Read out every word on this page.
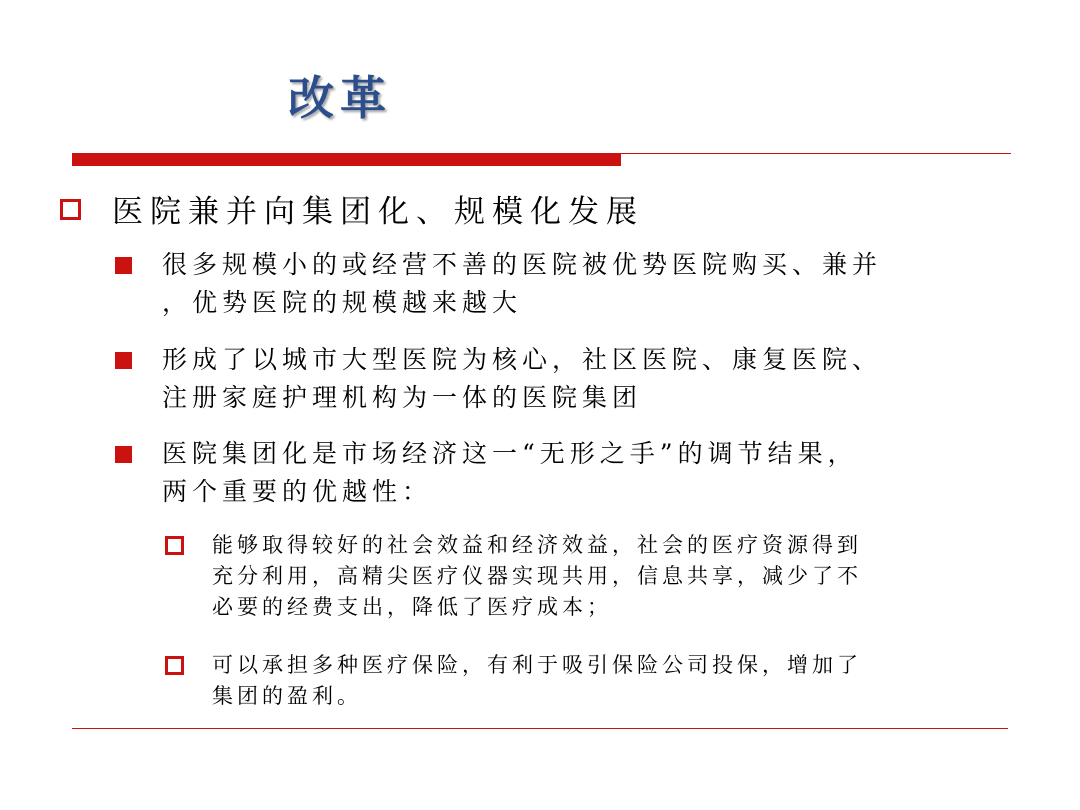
改革
医院兼并向集团化、规模化发展
很多规模小的或经营不善的医院被优势医院购买、兼并
，优势医院的规模越来越大
形成了以城市大型医院为核心，社区医院、康复医院、
注册家庭护理机构为一体的医院集团
医院集团化是市场经济这一“无形之手”的调节结果，
两个重要的优越性：
能够取得较好的社会效益和经济效益，社会的医疗资源得到
充分利用，高精尖医疗仪器实现共用，信息共享，减少了不
必要的经费支出，降低了医疗成本；
可以承担多种医疗保险，有利于吸引保险公司投保，增加了
集团的盈利。
